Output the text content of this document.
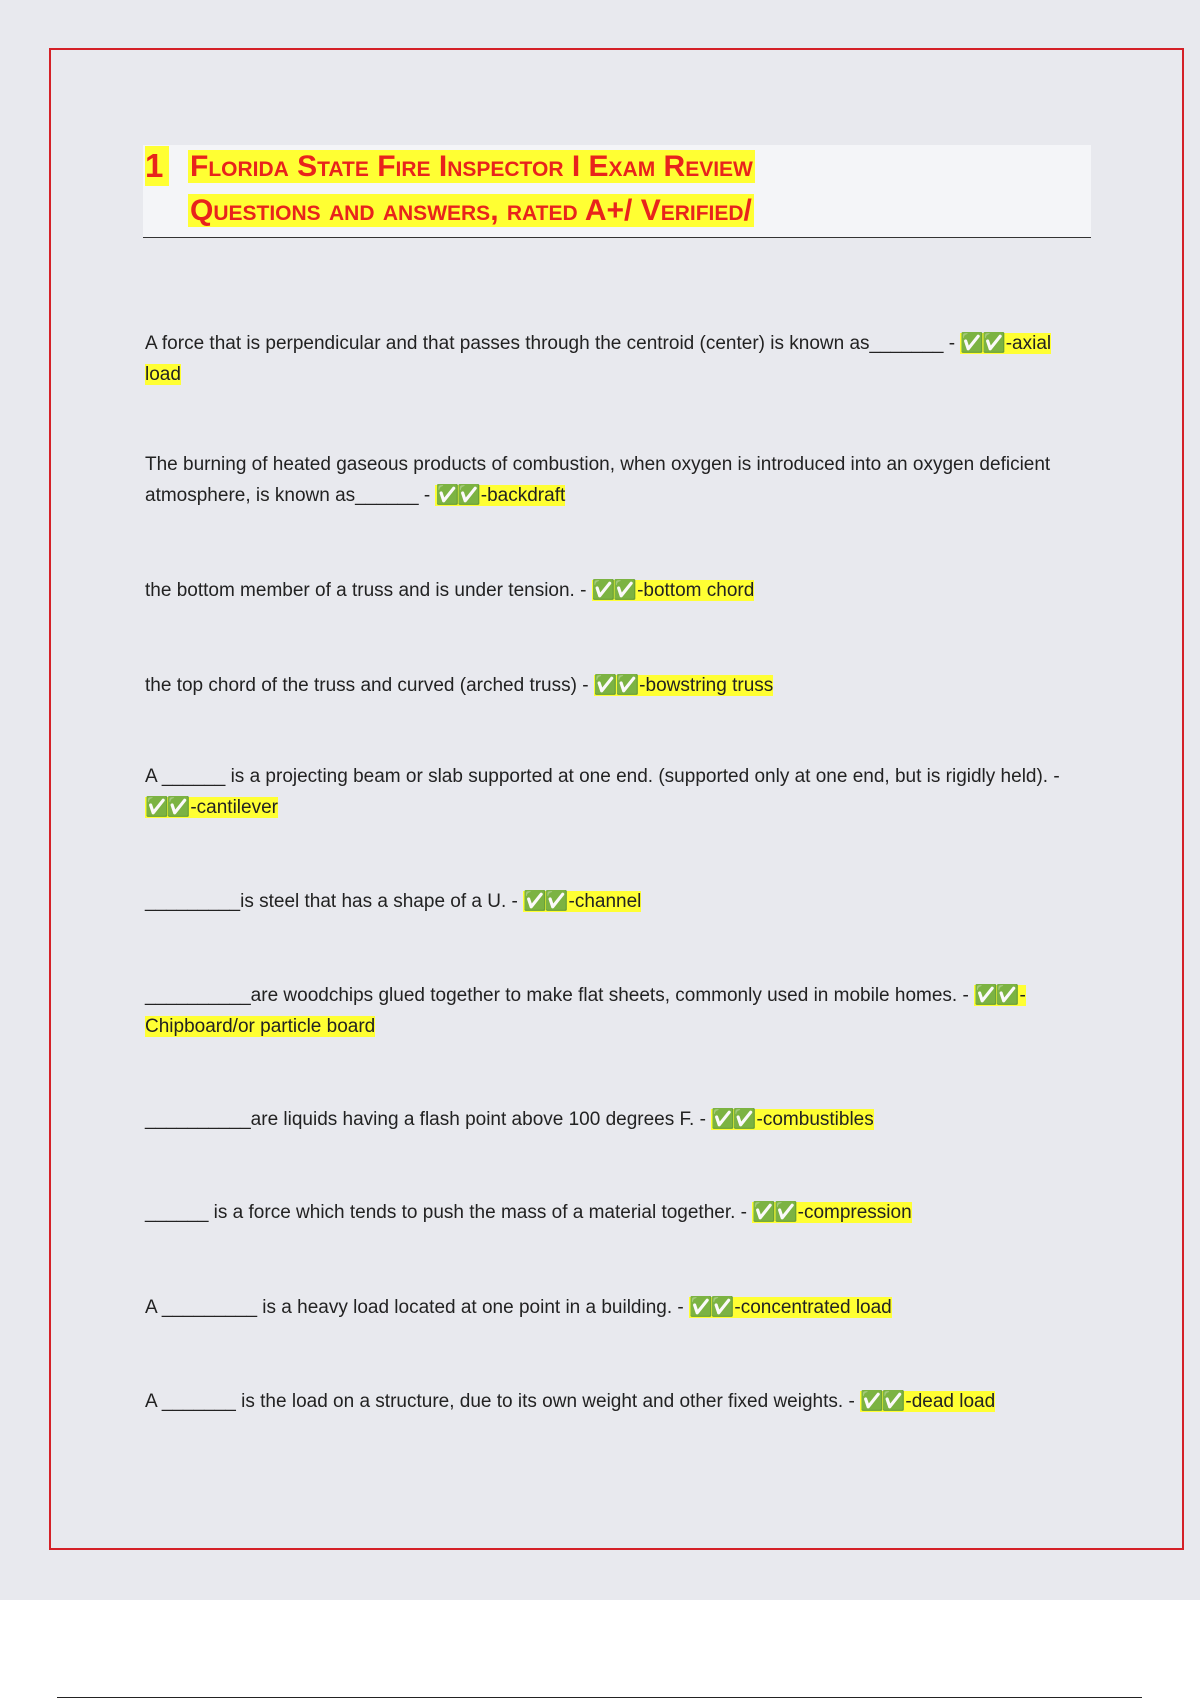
1 Florida State Fire Inspector I Exam Review
Questions and answers, rated A+/ Verified/
A force that is perpendicular and that passes through the centroid (center) is known as_______ - ✅✅ -axial load
The burning of heated gaseous products of combustion, when oxygen is introduced into an oxygen deficient atmosphere, is known as______ - ✅✅ -backdraft
the bottom member of a truss and is under tension. - ✅✅ -bottom chord
the top chord of the truss and curved (arched truss) - ✅✅ -bowstring truss
A ______ is a projecting beam or slab supported at one end. (supported only at one end, but is rigidly held). - ✅✅ -cantilever
_________is steel that has a shape of a U. - ✅✅ -channel
__________are woodchips glued together to make flat sheets, commonly used in mobile homes. - ✅✅ -Chipboard/or particle board
__________are liquids having a flash point above 100 degrees F. - ✅✅ -combustibles
______ is a force which tends to push the mass of a material together. - ✅✅ -compression
A _________ is a heavy load located at one point in a building. - ✅✅ -concentrated load
A _______ is the load on a structure, due to its own weight and other fixed weights. - ✅✅ -dead load
